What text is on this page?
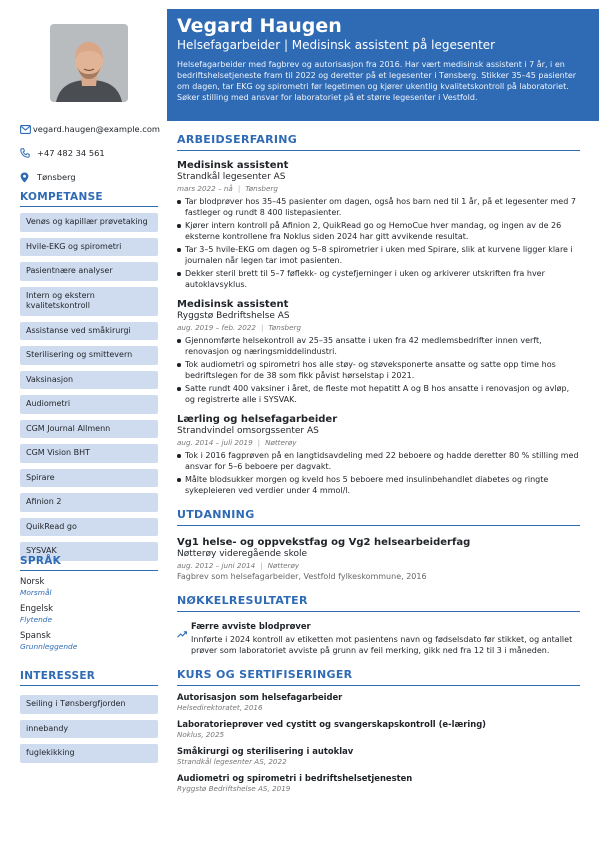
vegard.haugen@example.com
+47 482 34 561
Tønsberg
KOMPETANSE
Venøs og kapillær prøvetaking
Hvile-EKG og spirometri
Pasientnære analyser
Intern og ekstern kvalitetskontroll
Assistanse ved småkirurgi
Sterilisering og smittevern
Vaksinasjon
Audiometri
CGM Journal Allmenn
CGM Vision BHT
Spirare
Afinion 2
QuikRead go
SYSVAK
SPRÅK
Norsk
Morsmål
Engelsk
Flytende
Spansk
Grunnleggende
INTERESSER
Seiling i Tønsbergfjorden
innebandy
fuglekikking
Vegard Haugen
Helsefagarbeider | Medisinsk assistent på legesenter
Helsefagarbeider med fagbrev og autorisasjon fra 2016. Har vært medisinsk assistent i 7 år, i en bedriftshelsetjeneste fram til 2022 og deretter på et legesenter i Tønsberg. Stikker 35–45 pasienter om dagen, tar EKG og spirometri før legetimen og kjører ukentlig kvalitetskontroll på laboratoriet. Søker stilling med ansvar for laboratoriet på et større legesenter i Vestfold.
ARBEIDSERFARING
Medisinsk assistent
Strandkål legesenter AS
mars 2022 – nå | Tønsberg
Tar blodprøver hos 35–45 pasienter om dagen, også hos barn ned til 1 år, på et legesenter med 7 fastleger og rundt 8 400 listepasienter.
Kjører intern kontroll på Afinion 2, QuikRead go og HemoCue hver mandag, og ingen av de 26 eksterne kontrollene fra Noklus siden 2024 har gitt avvikende resultat.
Tar 3–5 hvile-EKG om dagen og 5–8 spirometrier i uken med Spirare, slik at kurvene ligger klare i journalen når legen tar imot pasienten.
Dekker steril brett til 5–7 føflekk- og cystefjerninger i uken og arkiverer utskriften fra hver autoklavsyklus.
Medisinsk assistent
Ryggstø Bedriftshelse AS
aug. 2019 – feb. 2022 | Tønsberg
Gjennomførte helsekontroll av 25–35 ansatte i uken fra 42 medlemsbedrifter innen verft, renovasjon og næringsmiddelindustri.
Tok audiometri og spirometri hos alle støy- og støveksponerte ansatte og satte opp time hos bedriftslegen for de 38 som fikk påvist hørselstap i 2021.
Satte rundt 400 vaksiner i året, de fleste mot hepatitt A og B hos ansatte i renovasjon og avløp, og registrerte alle i SYSVAK.
Lærling og helsefagarbeider
Strandvindel omsorgssenter AS
aug. 2014 – juli 2019 | Nøtterøy
Tok i 2016 fagprøven på en langtidsavdeling med 22 beboere og hadde deretter 80 % stilling med ansvar for 5–6 beboere per dagvakt.
Målte blodsukker morgen og kveld hos 5 beboere med insulinbehandlet diabetes og ringte sykepleieren ved verdier under 4 mmol/l.
UTDANNING
Vg1 helse- og oppvekstfag og Vg2 helsearbeiderfag
Nøtterøy videregående skole
aug. 2012 – juni 2014 | Nøtterøy
Fagbrev som helsefagarbeider, Vestfold fylkeskommune, 2016
NØKKELRESULTATER
Færre avviste blodprøver
Innførte i 2024 kontroll av etiketten mot pasientens navn og fødselsdato før stikket, og antallet prøver som laboratoriet avviste på grunn av feil merking, gikk ned fra 12 til 3 i måneden.
KURS OG SERTIFISERINGER
Autorisasjon som helsefagarbeider
Helsedirektoratet, 2016
Laboratorieprøver ved cystitt og svangerskapskontroll (e-læring)
Noklus, 2025
Småkirurgi og sterilisering i autoklav
Strandkål legesenter AS, 2022
Audiometri og spirometri i bedriftshelsetjenesten
Ryggstø Bedriftshelse AS, 2019
